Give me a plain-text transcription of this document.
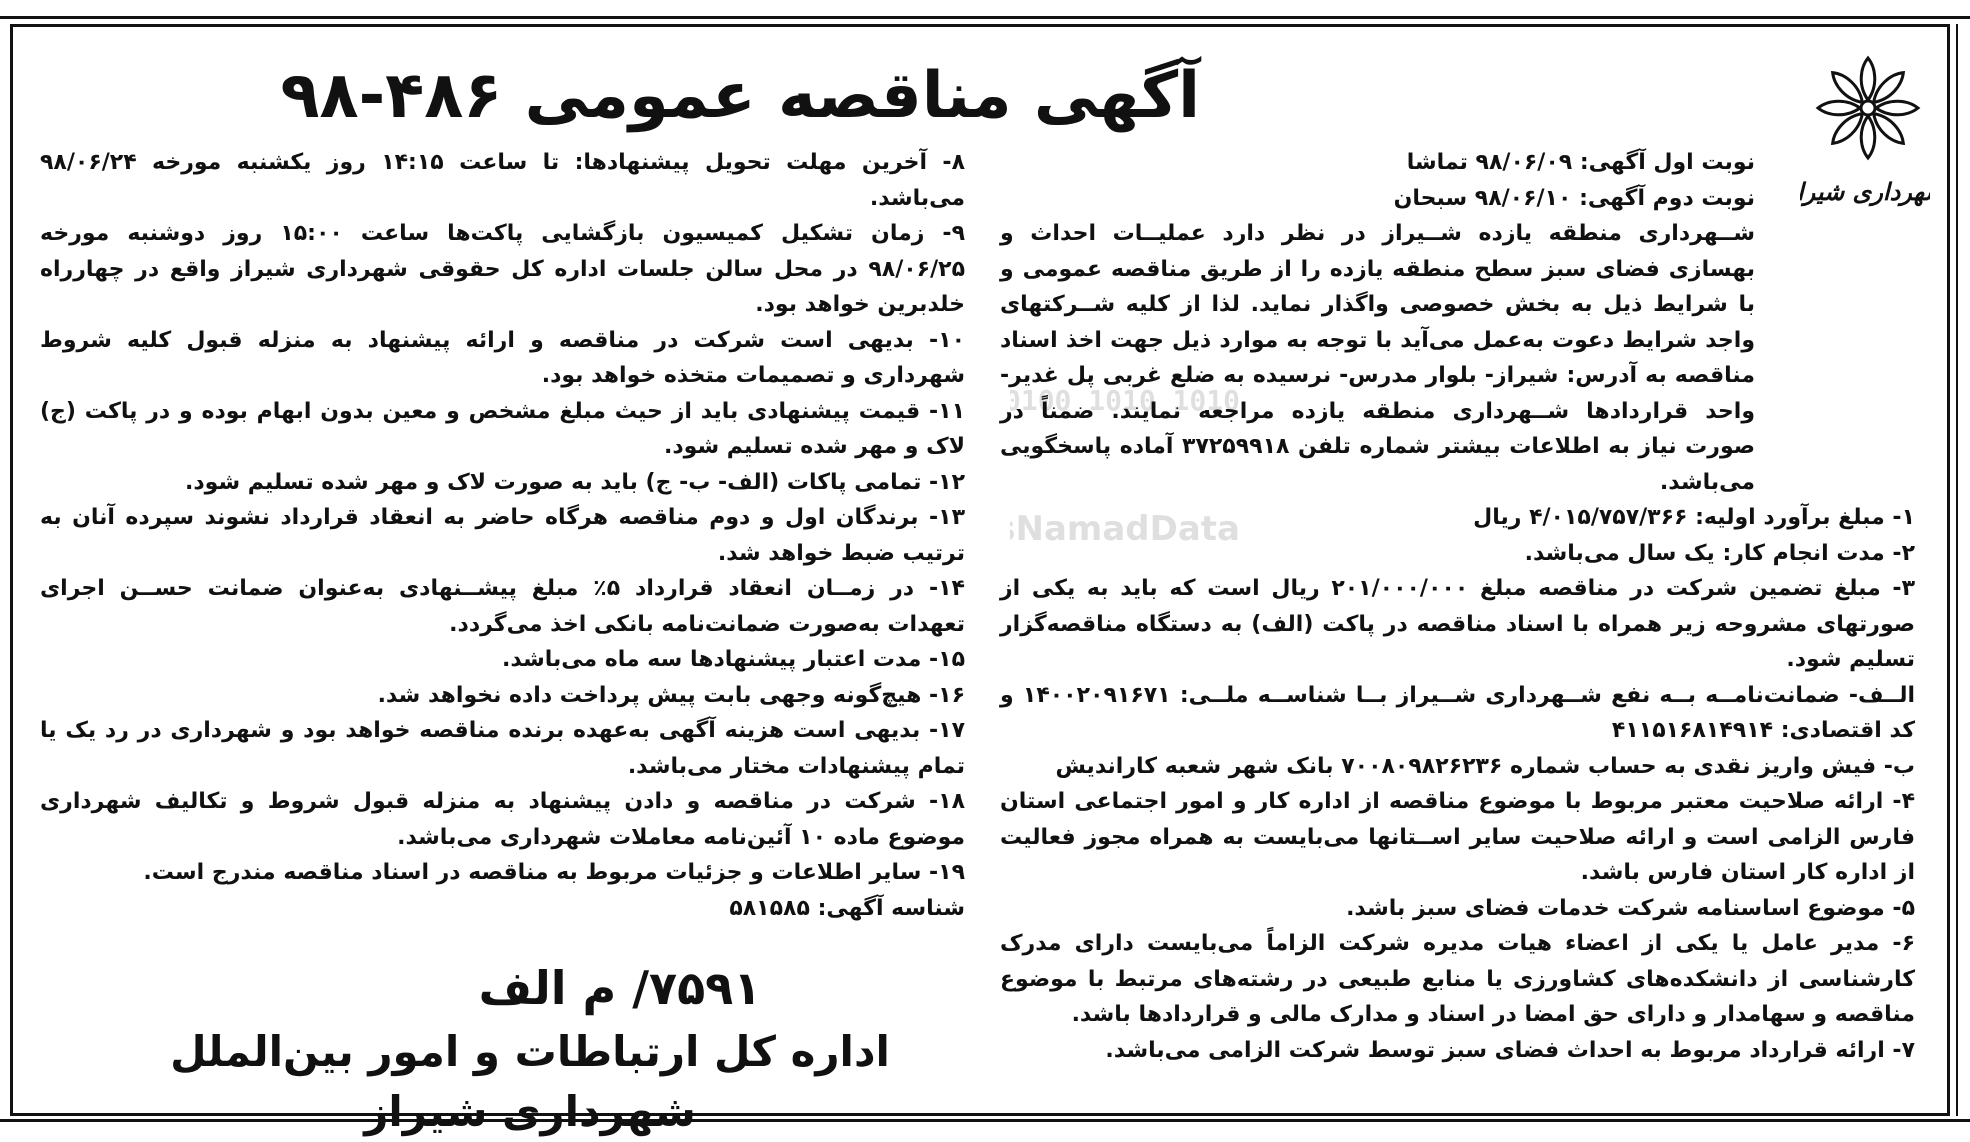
آگهی مناقصه عمومی ۴۸۶-۹۸
هرداری شیر
0100 1010 1010
NamadData

نوبت اول آگهی: ۹۸/۰۶/۰۹ تماشا

نوبت دوم آگهی: ۹۸/۰۶/۱۰ سبحان

شــهرداری منطقه یازده شــیراز در نظر دارد عملیــات احداث و بهسازی فضای سبز سطح منطقه یازده را از طریق مناقصه عمومی و با شرایط ذیل به بخش خصوصی واگذار نماید. لذا از کلیه شــرکتهای واجد شرایط دعوت به‌عمل می‌آید با توجه به موارد ذیل جهت اخذ اسناد مناقصه به آدرس: شیراز- بلوار مدرس- نرسیده به ضلع غربی پل غدیر- واحد قراردادها شــهرداری منطقه یازده مراجعه نمایند. ضمناً در صورت نیاز به اطلاعات بیشتر شماره تلفن ۳۷۲۵۹۹۱۸ آماده پاسخگویی می‌باشد.

۱- مبلغ برآورد اولیه: ۴/۰۱۵/۷۵۷/۳۶۶ ریال

۲- مدت انجام کار: یک سال می‌باشد.

۳- مبلغ تضمین شرکت در مناقصه مبلغ ۲۰۱/۰۰۰/۰۰۰ ریال است که باید به یکی از صورتهای مشروحه زیر همراه با اسناد مناقصه در پاکت (الف) به دستگاه مناقصه‌گزار تسلیم شود.

الــف- ضمانت‌نامــه بــه نفع شــهرداری شــیراز بــا شناســه ملــی: ۱۴۰۰۲۰۹۱۶۷۱ و کد اقتصادی: ۴۱۱۵۱۶۸۱۴۹۱۴

ب- فیش واریز نقدی به حساب شماره ۷۰۰۸۰۹۸۲۶۲۳۶ بانک شهر شعبه کاراندیش

۴- ارائه صلاحیت معتبر مربوط با موضوع مناقصه از اداره کار و امور اجتماعی استان فارس الزامی است و ارائه صلاحیت سایر اســتانها می‌بایست به همراه مجوز فعالیت از اداره کار استان فارس باشد.

۵- موضوع اساسنامه شرکت خدمات فضای سبز باشد.

۶- مدیر عامل یا یکی از اعضاء هیات مدیره شرکت الزاماً می‌بایست دارای مدرک کارشناسی از دانشکده‌های کشاورزی یا منابع طبیعی در رشته‌های مرتبط با موضوع مناقصه و سهامدار و دارای حق امضا در اسناد و مدارک مالی و قراردادها باشد.

۷- ارائه قرارداد مربوط به احداث فضای سبز توسط شرکت الزامی می‌باشد.

۸- آخرین مهلت تحویل پیشنهادها: تا ساعت ۱۴:۱۵ روز یکشنبه مورخه ۹۸/۰۶/۲۴ می‌باشد.

۹- زمان تشکیل کمیسیون بازگشایی پاکت‌ها ساعت ۱۵:۰۰ روز دوشنبه مورخه ۹۸/۰۶/۲۵ در محل سالن جلسات اداره کل حقوقی شهرداری شیراز واقع در چهارراه خلدبرین خواهد بود.

۱۰- بدیهی است شرکت در مناقصه و ارائه پیشنهاد به منزله قبول کلیه شروط شهرداری و تصمیمات متخذه خواهد بود.

۱۱- قیمت پیشنهادی باید از حیث مبلغ مشخص و معین بدون ابهام بوده و در پاکت (ج) لاک و مهر شده تسلیم شود.

۱۲- تمامی پاکات (الف- ب- ج) باید به صورت لاک و مهر شده تسلیم شود.

۱۳- برندگان اول و دوم مناقصه هرگاه حاضر به انعقاد قرارداد نشوند سپرده آنان به ترتیب ضبط خواهد شد.

۱۴- در زمــان انعقاد قرارداد ۵٪ مبلغ پیشــنهادی به‌عنوان ضمانت حســن اجرای تعهدات به‌صورت ضمانت‌نامه بانکی اخذ می‌گردد.

۱۵- مدت اعتبار پیشنهادها سه ماه می‌باشد.

۱۶- هیچ‌گونه وجهی بابت پیش پرداخت داده نخواهد شد.

۱۷- بدیهی است هزینه آگهی به‌عهده برنده مناقصه خواهد بود و شهرداری در رد یک یا تمام پیشنهادات مختار می‌باشد.

۱۸- شرکت در مناقصه و دادن پیشنهاد به منزله قبول شروط و تکالیف شهرداری موضوع ماده ۱۰ آئین‌نامه معاملات شهرداری می‌باشد.

۱۹- سایر اطلاعات و جزئیات مربوط به مناقصه در اسناد مناقصه مندرج است.

شناسه آگهی: ۵۸۱۵۸۵

۷۵۹۱/ م الف
اداره کل ارتباطات و امور بین‌الملل شهرداری شیراز
